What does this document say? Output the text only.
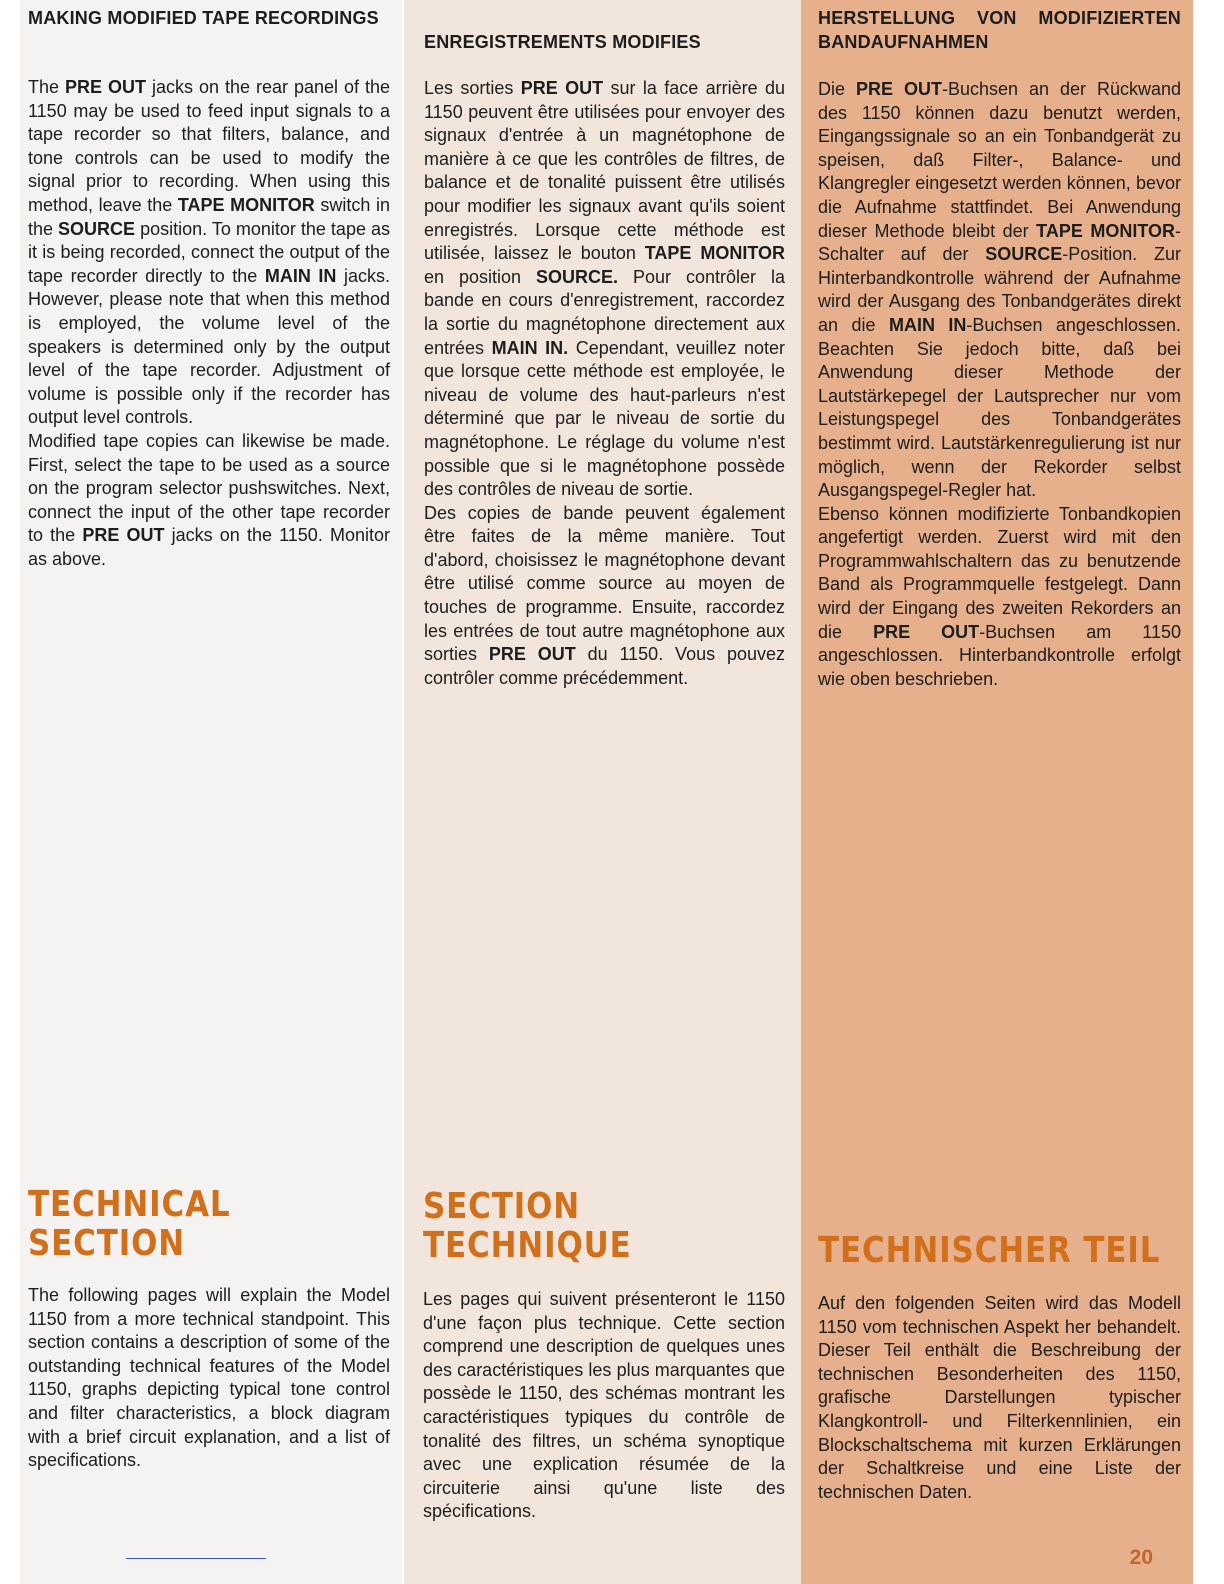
MAKING MODIFIED TAPE RECORDINGS

The PRE OUT jacks on the rear panel of the 1150 may be used to feed input signals to a tape recorder so that filters, balance, and tone controls can be used to modify the signal prior to recording. When using this method, leave the TAPE MONITOR switch in the SOURCE position. To monitor the tape as it is being recorded, connect the output of the tape recorder directly to the MAIN IN jacks. However, please note that when this method is employed, the volume level of the speakers is determined only by the output level of the tape recorder. Adjustment of volume is possible only if the recorder has output level controls.

Modified tape copies can likewise be made. First, select the tape to be used as a source on the program selector pushswitches. Next, connect the input of the other tape recorder to the PRE OUT jacks on the 1150. Monitor as above.

TECHNICAL
SECTION

The following pages will explain the Model 1150 from a more technical standpoint. This section contains a description of some of the outstanding technical features of the Model 1150, graphs depicting typical tone control and filter characteristics, a block diagram with a brief circuit explanation, and a list of specifications.

ENREGISTREMENTS MODIFIES

Les sorties PRE OUT sur la face arrière du 1150 peuvent être utilisées pour envoyer des signaux d'entrée à un magnétophone de manière à ce que les contrôles de filtres, de balance et de tonalité puissent être utilisés pour modifier les signaux avant qu'ils soient enregistrés. Lorsque cette méthode est utilisée, laissez le bouton TAPE MONITOR en position SOURCE. Pour contrôler la bande en cours d'enregistrement, raccordez la sortie du magnétophone directement aux entrées MAIN IN. Cependant, veuillez noter que lorsque cette méthode est employée, le niveau de volume des haut-parleurs n'est déterminé que par le niveau de sortie du magnétophone. Le réglage du volume n'est possible que si le magnétophone possède des contrôles de niveau de sortie.

Des copies de bande peuvent également être faites de la même manière. Tout d'abord, choisissez le magnétophone devant être utilisé comme source au moyen de touches de programme. Ensuite, raccordez les entrées de tout autre magnétophone aux sorties PRE OUT du 1150. Vous pouvez contrôler comme précédemment.

SECTION
TECHNIQUE

Les pages qui suivent présenteront le 1150 d'une façon plus technique. Cette section comprend une description de quelques unes des caractéristiques les plus marquantes que possède le 1150, des schémas montrant les caractéristiques typiques du contrôle de tonalité des filtres, un schéma synoptique avec une explication résumée de la circuiterie ainsi qu'une liste des spécifications.

HERSTELLUNG VON MODIFIZIERTEN BANDAUFNAHMEN

Die PRE OUT-Buchsen an der Rückwand des 1150 können dazu benutzt werden, Eingangssignale so an ein Tonbandgerät zu speisen, daß Filter-, Balance- und Klangregler eingesetzt werden können, bevor die Aufnahme stattfindet. Bei Anwendung dieser Methode bleibt der TAPE MONITOR-Schalter auf der SOURCE-Position. Zur Hinterbandkontrolle während der Aufnahme wird der Ausgang des Tonbandgerätes direkt an die MAIN IN-Buchsen angeschlossen. Beachten Sie jedoch bitte, daß bei Anwendung dieser Methode der Lautstärkepegel der Lautsprecher nur vom Leistungspegel des Tonbandgerätes bestimmt wird. Lautstärkenregulierung ist nur möglich, wenn der Rekorder selbst Ausgangspegel-Regler hat.

Ebenso können modifizierte Tonbandkopien angefertigt werden. Zuerst wird mit den Programmwahlschaltern das zu benutzende Band als Programmquelle festgelegt. Dann wird der Eingang des zweiten Rekorders an die PRE OUT-Buchsen am 1150 angeschlossen. Hinterbandkontrolle erfolgt wie oben beschrieben.

TECHNISCHER TEIL

Auf den folgenden Seiten wird das Modell 1150 vom technischen Aspekt her behandelt. Dieser Teil enthält die Beschreibung der technischen Besonderheiten des 1150, grafische Darstellungen typischer Klangkontroll- und Filterkennlinien, ein Blockschaltschema mit kurzen Erklärungen der Schaltkreise und eine Liste der technischen Daten.

20
